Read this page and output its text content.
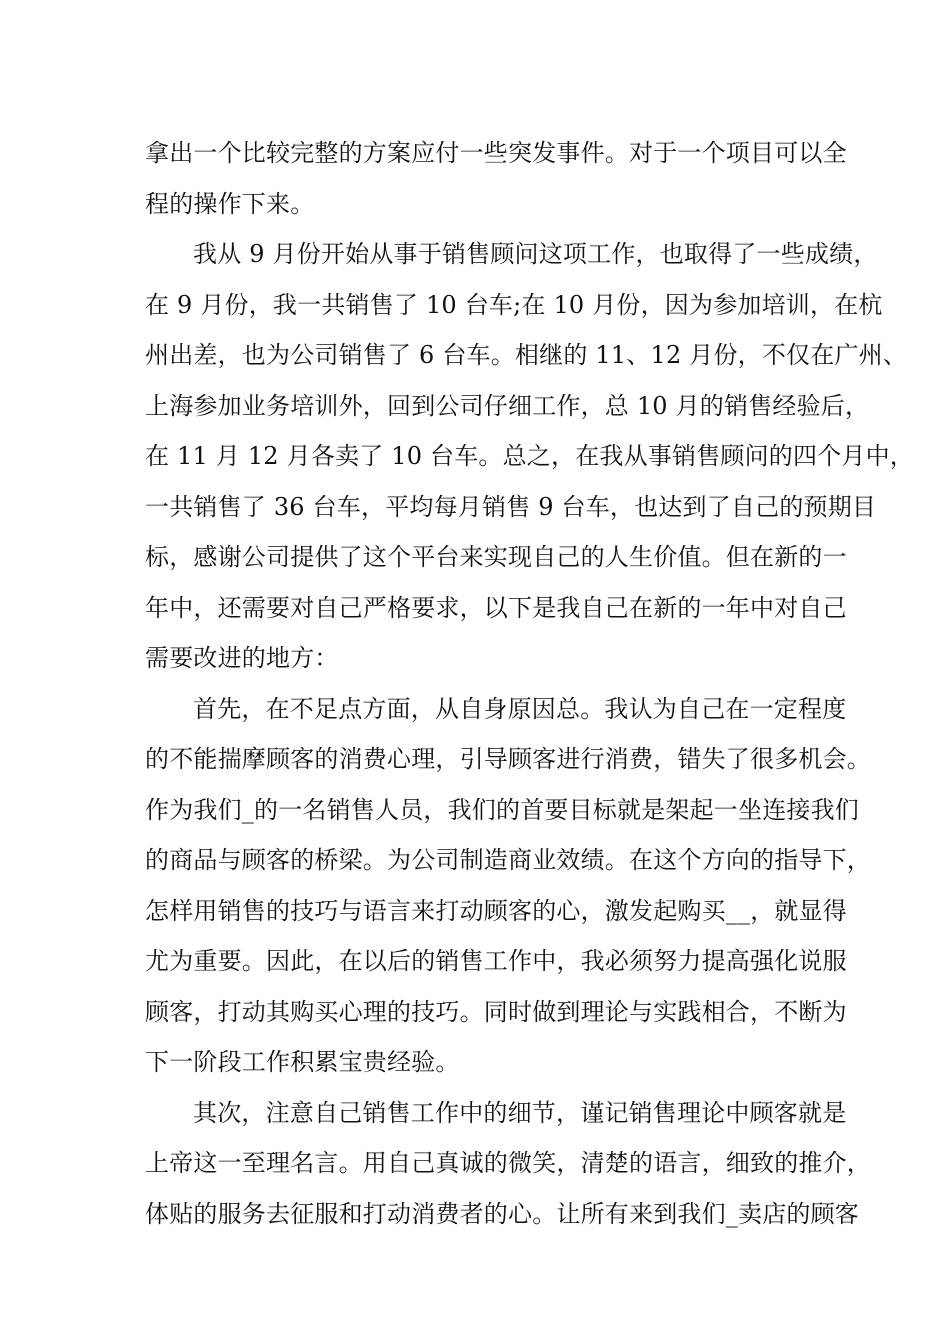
拿出一个比较完整的方案应付一些突发事件。对于一个项目可以全
程的操作下来。
我从 9 月份开始从事于销售顾问这项工作，也取得了一些成绩，
在 9 月份，我一共销售了 10 台车;在 10 月份，因为参加培训，在杭
州出差，也为公司销售了 6 台车。相继的 11、12 月份，不仅在广州、
上海参加业务培训外，回到公司仔细工作，总 10 月的销售经验后，
在 11 月 12 月各卖了 10 台车。总之，在我从事销售顾问的四个月中，
一共销售了 36 台车，平均每月销售 9 台车，也达到了自己的预期目
标，感谢公司提供了这个平台来实现自己的人生价值。但在新的一
年中，还需要对自己严格要求，以下是我自己在新的一年中对自己
需要改进的地方：
首先，在不足点方面，从自身原因总。我认为自己在一定程度
的不能揣摩顾客的消费心理，引导顾客进行消费，错失了很多机会。
作为我们_的一名销售人员，我们的首要目标就是架起一坐连接我们
的商品与顾客的桥梁。为公司制造商业效绩。在这个方向的指导下，
怎样用销售的技巧与语言来打动顾客的心，激发起购买__，就显得
尤为重要。因此，在以后的销售工作中，我必须努力提高强化说服
顾客，打动其购买心理的技巧。同时做到理论与实践相合，不断为
下一阶段工作积累宝贵经验。
其次，注意自己销售工作中的细节，谨记销售理论中顾客就是
上帝这一至理名言。用自己真诚的微笑，清楚的语言，细致的推介，
体贴的服务去征服和打动消费者的心。让所有来到我们_卖店的顾客
